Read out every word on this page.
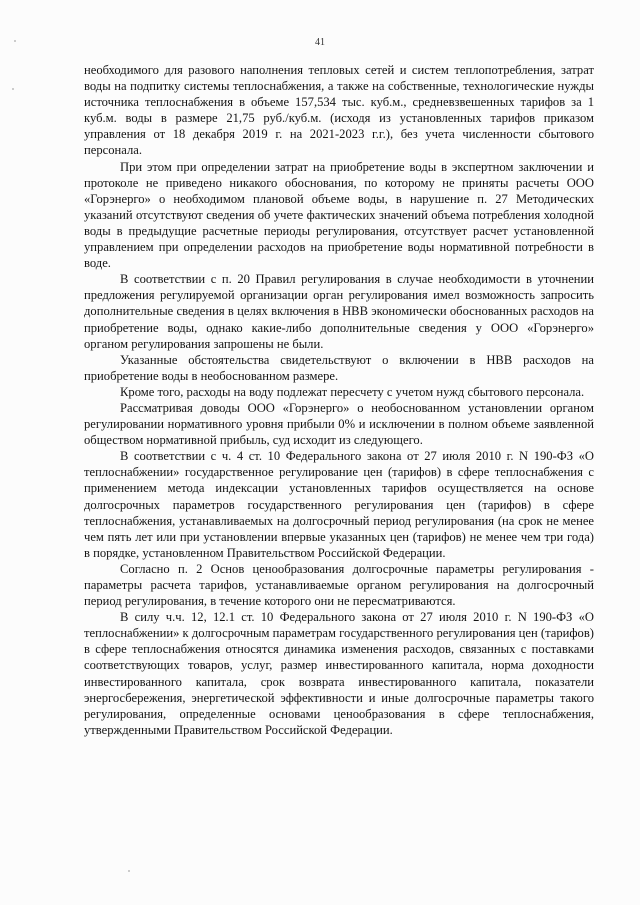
41

необходимого для разового наполнения тепловых сетей и систем теплопотребления, затрат воды на подпитку системы теплоснабжения, а также на собственные, технологические нужды источника теплоснабжения в объеме 157,534 тыс. куб.м., средневзвешенных тарифов за 1 куб.м. воды в размере 21,75 руб./куб.м. (исходя из установленных тарифов приказом управления от 18 декабря 2019 г. на 2021-2023 г.г.), без учета численности сбытового персонала.

При этом при определении затрат на приобретение воды в экспертном заключении и протоколе не приведено никакого обоснования, по которому не приняты расчеты ООО «Горэнерго» о необходимом плановой объеме воды, в нарушение п. 27 Методических указаний отсутствуют сведения об учете фактических значений объема потребления холодной воды в предыдущие расчетные периоды регулирования, отсутствует расчет установленной управлением при определении расходов на приобретение воды нормативной потребности в воде.

В соответствии с п. 20 Правил регулирования в случае необходимости в уточнении предложения регулируемой организации орган регулирования имел возможность запросить дополнительные сведения в целях включения в НВВ экономически обоснованных расходов на приобретение воды, однако какие-либо дополнительные сведения у ООО «Горэнерго» органом регулирования запрошены не были.

Указанные обстоятельства свидетельствуют о включении в НВВ расходов на приобретение воды в необоснованном размере.

Кроме того, расходы на воду подлежат пересчету с учетом нужд сбытового персонала.

Рассматривая доводы ООО «Горэнерго» о необоснованном установлении органом регулировании нормативного уровня прибыли 0% и исключении в полном объеме заявленной обществом нормативной прибыль, суд исходит из следующего.

В соответствии с ч. 4 ст. 10 Федерального закона от 27 июля 2010 г. N 190-ФЗ «О теплоснабжении» государственное регулирование цен (тарифов) в сфере теплоснабжения с применением метода индексации установленных тарифов осуществляется на основе долгосрочных параметров государственного регулирования цен (тарифов) в сфере теплоснабжения, устанавливаемых на долгосрочный период регулирования (на срок не менее чем пять лет или при установлении впервые указанных цен (тарифов) не менее чем три года) в порядке, установленном Правительством Российской Федерации.

Согласно п. 2 Основ ценообразования долгосрочные параметры регулирования - параметры расчета тарифов, устанавливаемые органом регулирования на долгосрочный период регулирования, в течение которого они не пересматриваются.

В силу ч.ч. 12, 12.1 ст. 10 Федерального закона от 27 июля 2010 г. N 190-ФЗ «О теплоснабжении» к долгосрочным параметрам государственного регулирования цен (тарифов) в сфере теплоснабжения относятся динамика изменения расходов, связанных с поставками соответствующих товаров, услуг, размер инвестированного капитала, норма доходности инвестированного капитала, срок возврата инвестированного капитала, показатели энергосбережения, энергетической эффективности и иные долгосрочные параметры такого регулирования, определенные основами ценообразования в сфере теплоснабжения, утвержденными Правительством Российской Федерации.
